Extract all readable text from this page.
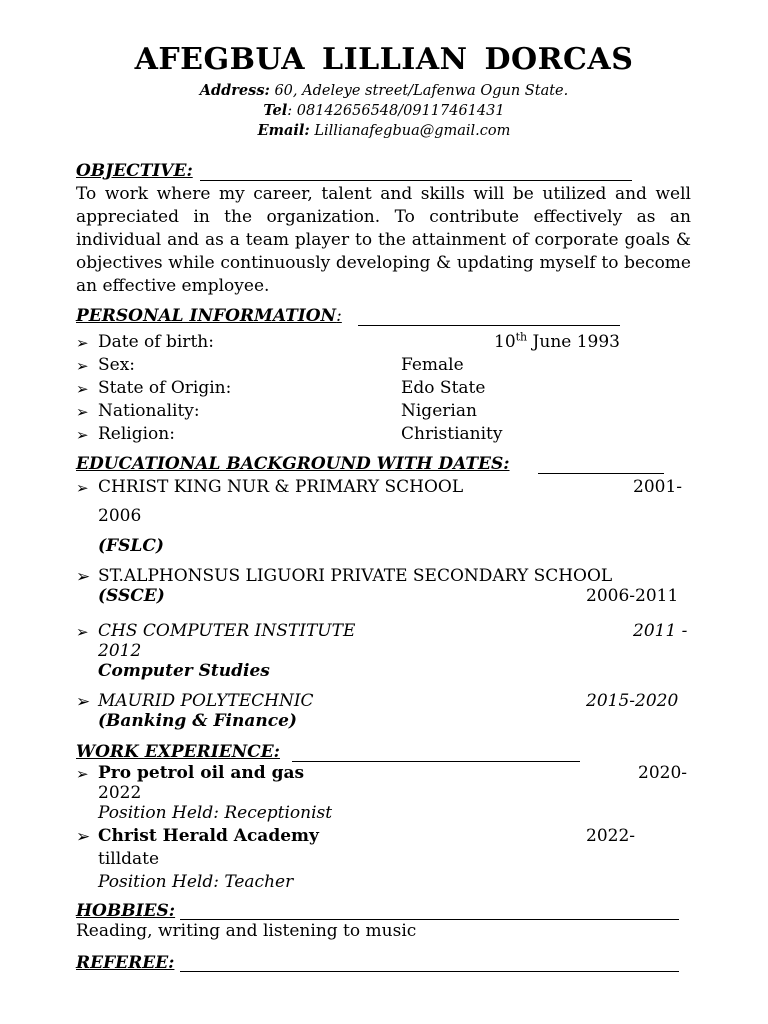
AFEGBUA LILLIAN DORCAS
Address: 60, Adeleye street/Lafenwa Ogun State.
Tel: 08142656548/09117461431
Email: Lillianafegbua@gmail.com
OBJECTIVE:
To work where my career, talent and skills will be utilized and well appreciated in the organization. To contribute effectively as an individual and as a team player to the attainment of corporate goals & objectives while continuously developing & updating myself to become an effective employee.
PERSONAL INFORMATION:
➢ Date of birth:	10th June 1993
➢ Sex:	Female
➢ State of Origin:	Edo State
➢ Nationality:	Nigerian
➢ Religion:	Christianity
EDUCATIONAL BACKGROUND WITH DATES:
➢ CHRIST KING NUR & PRIMARY SCHOOL	2001-
2006
(FSLC)
➢ ST.ALPHONSUS LIGUORI PRIVATE SECONDARY SCHOOL
(SSCE)	2006-2011
➢ CHS COMPUTER INSTITUTE	2011 -
2012
Computer Studies
➢ MAURID POLYTECHNIC	2015-2020
(Banking & Finance)
WORK EXPERIENCE:
➢ Pro petrol oil and gas	2020-
2022
Position Held: Receptionist
➢ Christ Herald Academy	2022-
tilldate
Position Held: Teacher
HOBBIES:
Reading, writing and listening to music
REFEREE:
